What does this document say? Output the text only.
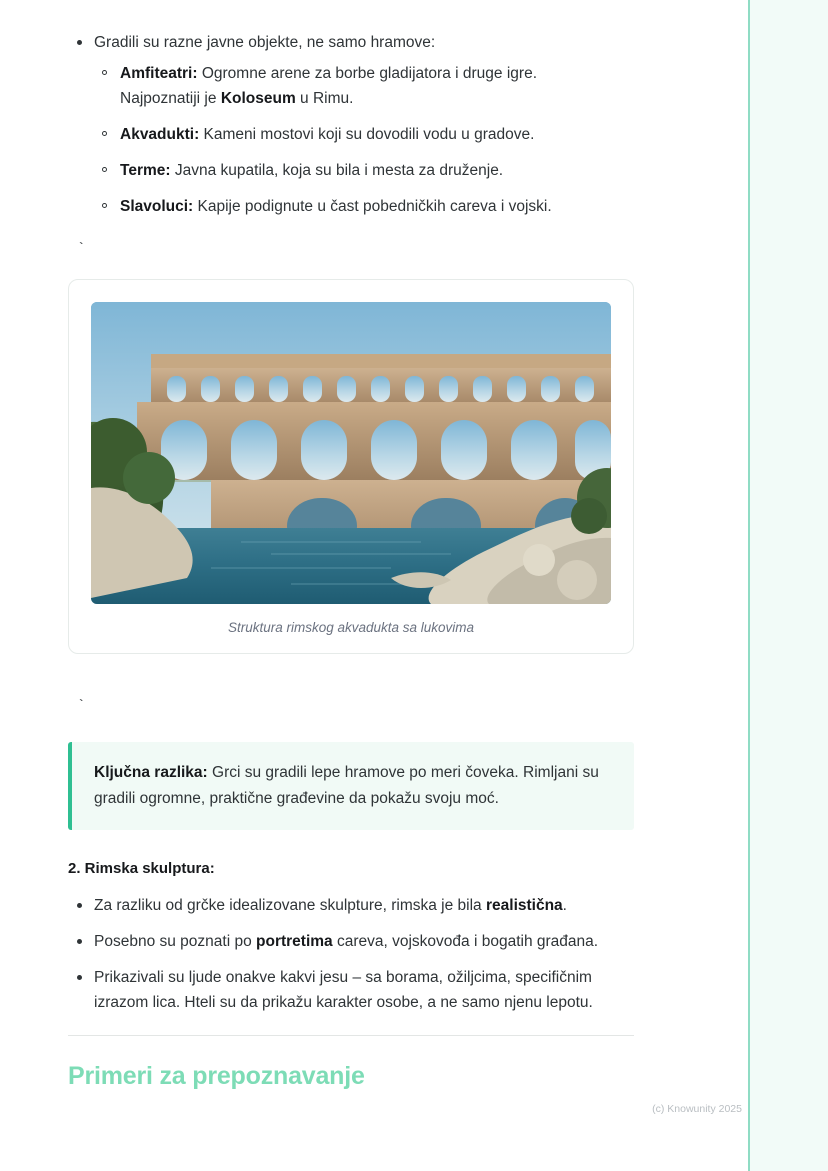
Gradili su razne javne objekte, ne samo hramove:
Amfiteatri: Ogromne arene za borbe gladijatora i druge igre.
Najpoznatiji je Koloseum u Rimu.
Akvadukti: Kameni mostovi koji su dovodili vodu u gradove.
Terme: Javna kupatila, koja su bila i mesta za druženje.
Slavoluci: Kapije podignute u čast pobedničkih careva i vojski.
`
Struktura rimskog akvadukta sa lukovima
`
Ključna razlika: Grci su gradili lepe hramove po meri čoveka. Rimljani su gradili ogromne, praktične građevine da pokažu svoju moć.
2. Rimska skulptura:
Za razliku od grčke idealizovane skulpture, rimska je bila realistična.
Posebno su poznati po portretima careva, vojskovođa i bogatih građana.
Prikazivali su ljude onakve kakvi jesu – sa borama, ožiljcima, specifičnim izrazom lica. Hteli su da prikažu karakter osobe, a ne samo njenu lepotu.
Primeri za prepoznavanje
(c) Knowunity 2025
